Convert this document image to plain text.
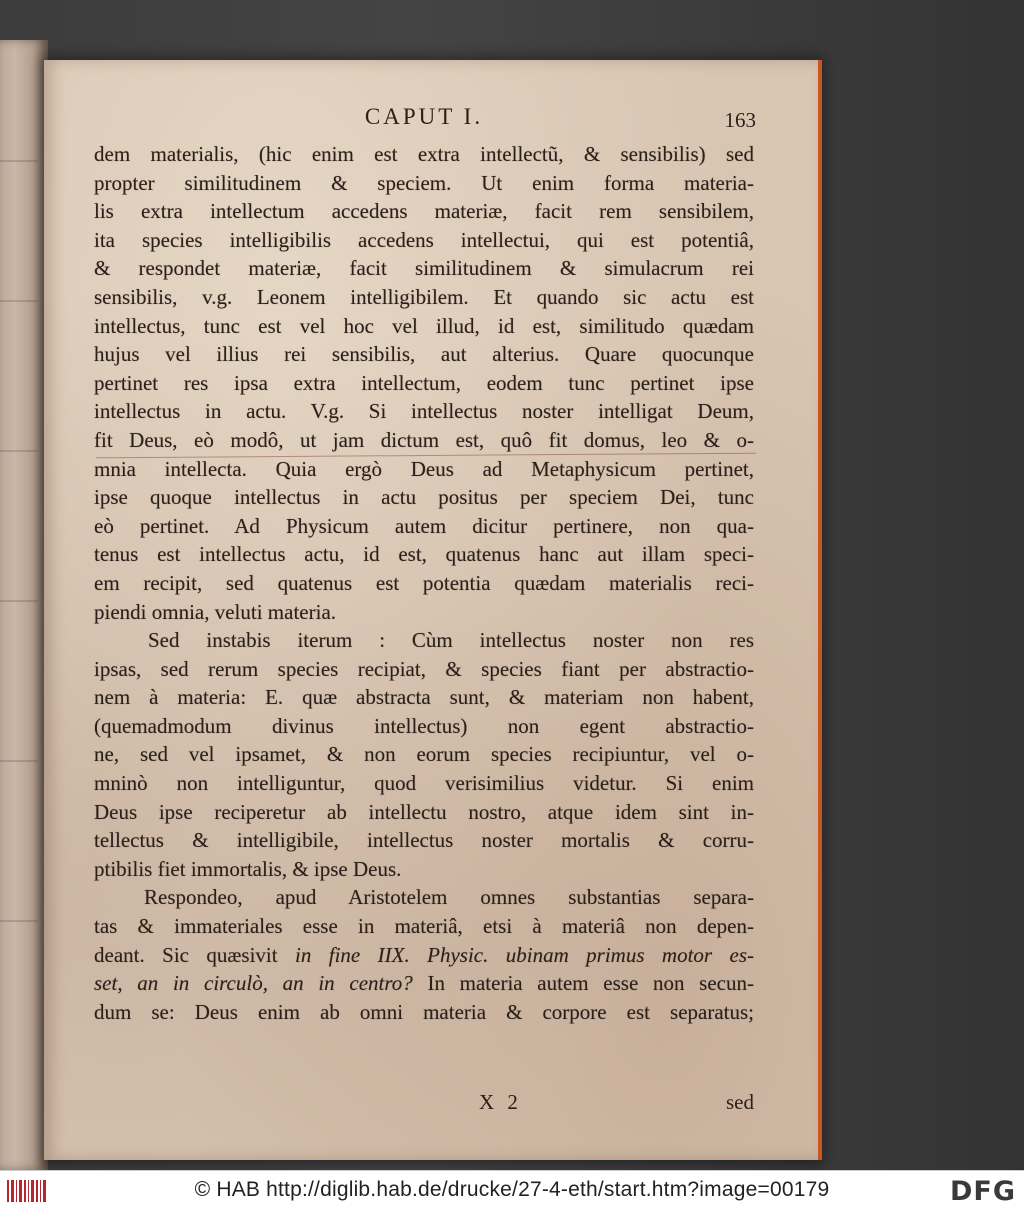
CAPUT I.	163
dem materialis, (hic enim est extra intellectũ, & sensibilis) sed
propter similitudinem & speciem. Ut enim forma materia-
lis extra intellectum accedens materiæ, facit rem sensibilem,
ita species intelligibilis accedens intellectui, qui est potentiâ,
& respondet materiæ, facit similitudinem & simulacrum rei
sensibilis, v.g. Leonem intelligibilem. Et quando sic actu est
intellectus, tunc est vel hoc vel illud, id est, similitudo quædam
hujus vel illius rei sensibilis, aut alterius. Quare quocunque
pertinet res ipsa extra intellectum, eodem tunc pertinet ipse
intellectus in actu. V.g. Si intellectus noster intelligat Deum,
fit Deus, eò modô, ut jam dictum est, quô fit domus, leo & o-
mnia intellecta. Quia ergò Deus ad Metaphysicum pertinet,
ipse quoque intellectus in actu positus per speciem Dei, tunc
eò pertinet. Ad Physicum autem dicitur pertinere, non qua-
tenus est intellectus actu, id est, quatenus hanc aut illam speci-
em recipit, sed quatenus est potentia quædam materialis reci-
piendi omnia, veluti materia.
Sed instabis iterum : Cùm intellectus noster non res
ipsas, sed rerum species recipiat, & species fiant per abstractio-
nem à materia: E. quæ abstracta sunt, & materiam non habent,
(quemadmodum divinus intellectus) non egent abstractio-
ne, sed vel ipsamet, & non eorum species recipiuntur, vel o-
mninò non intelliguntur, quod verisimilius videtur. Si enim
Deus ipse reciperetur ab intellectu nostro, atque idem sint in-
tellectus & intelligibile, intellectus noster mortalis & corru-
ptibilis fiet immortalis, & ipse Deus.
Respondeo, apud Aristotelem omnes substantias separa-
tas & immateriales esse in materiâ, etsi à materiâ non depen-
deant. Sic quæsivit in fine IIX. Physic. ubinam primus motor es-
set, an in circulò, an in centro? In materia autem esse non secun-
dum se: Deus enim ab omni materia & corpore est separatus;
X 2	sed
© HAB http://diglib.hab.de/drucke/27-4-eth/start.htm?image=00179	DFG
